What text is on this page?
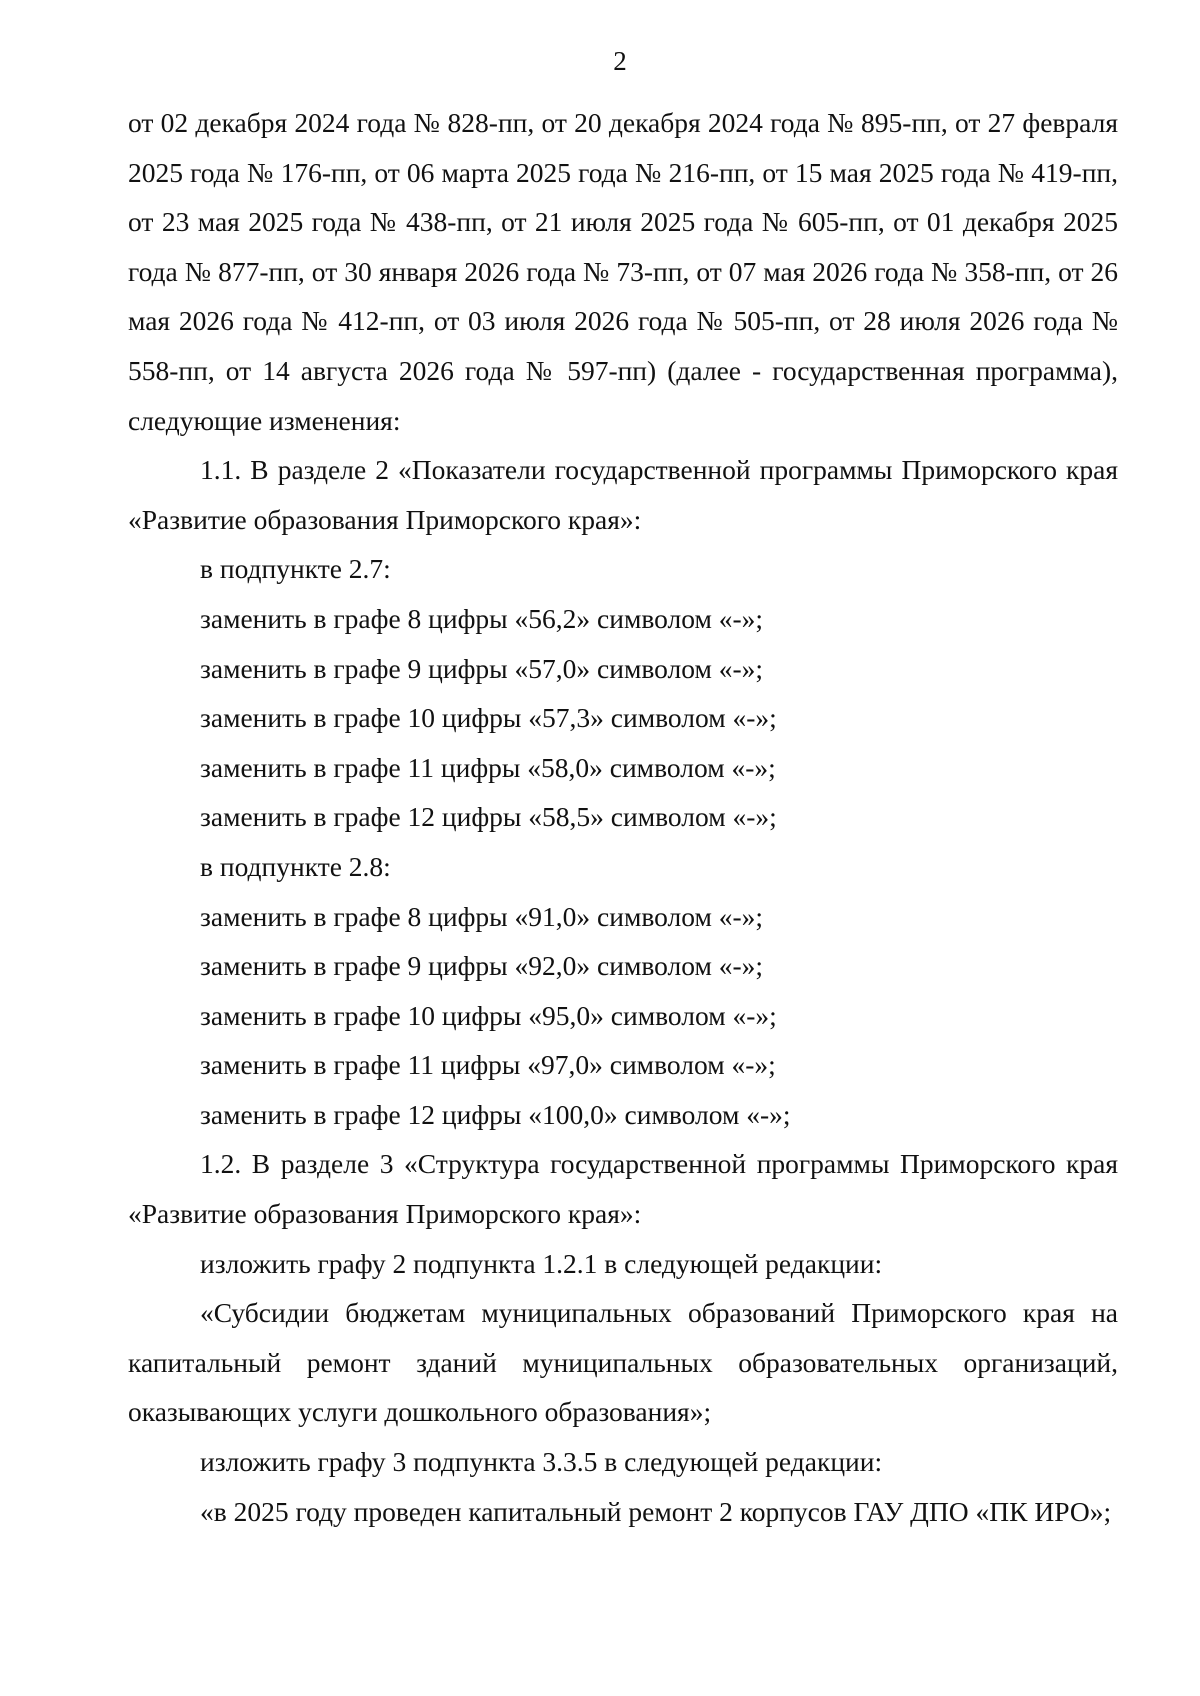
2

от 02 декабря 2024 года № 828-пп, от 20 декабря 2024 года № 895-пп, от 27 февраля 2025 года № 176-пп, от 06 марта 2025 года № 216-пп, от 15 мая 2025 года № 419-пп, от 23 мая 2025 года № 438-пп, от 21 июля 2025 года № 605-пп, от 01 декабря 2025 года № 877-пп, от 30 января 2026 года № 73-пп, от 07 мая 2026 года № 358-пп, от 26 мая 2026 года № 412-пп, от 03 июля 2026 года № 505-пп, от 28 июля 2026 года № 558-пп, от 14 августа 2026 года № 597-пп) (далее - государственная программа), следующие изменения:

1.1. В разделе 2 «Показатели государственной программы Приморского края «Развитие образования Приморского края»:

в подпункте 2.7:

заменить в графе 8 цифры «56,2» символом «-»;

заменить в графе 9 цифры «57,0» символом «-»;

заменить в графе 10 цифры «57,3» символом «-»;

заменить в графе 11 цифры «58,0» символом «-»;

заменить в графе 12 цифры «58,5» символом «-»;

в подпункте 2.8:

заменить в графе 8 цифры «91,0» символом «-»;

заменить в графе 9 цифры «92,0» символом «-»;

заменить в графе 10 цифры «95,0» символом «-»;

заменить в графе 11 цифры «97,0» символом «-»;

заменить в графе 12 цифры «100,0» символом «-»;

1.2. В разделе 3 «Структура государственной программы Приморского края «Развитие образования Приморского края»:

изложить графу 2 подпункта 1.2.1 в следующей редакции:

«Субсидии бюджетам муниципальных образований Приморского края на капитальный ремонт зданий муниципальных образовательных организаций, оказывающих услуги дошкольного образования»;

изложить графу 3 подпункта 3.3.5 в следующей редакции:

«в 2025 году проведен капитальный ремонт 2 корпусов ГАУ ДПО «ПК ИРО»;
